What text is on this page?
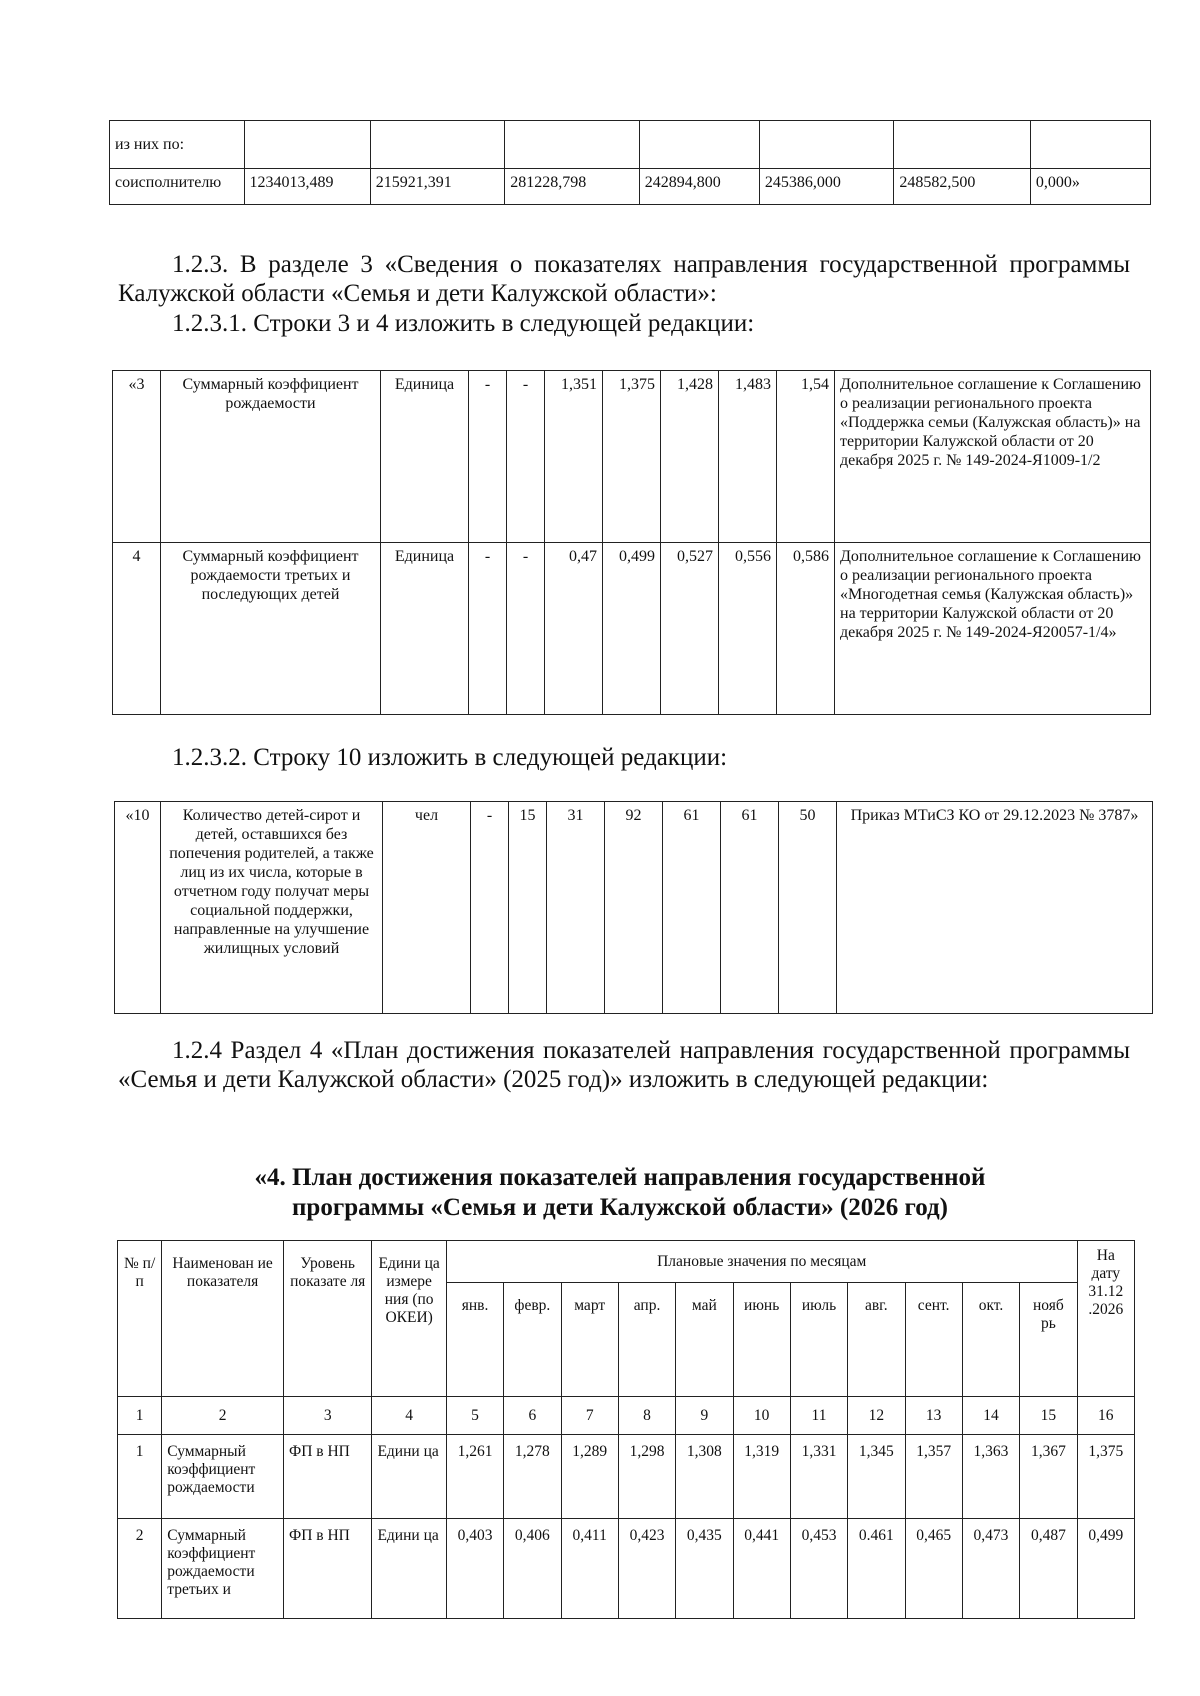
из них по:							
соисполнителю	1234013,489	215921,391	281228,798	242894,800	245386,000	248582,500	0,000»
1.2.3. В разделе 3 «Сведения о показателях направления государственной программы Калужской области «Семья и дети Калужской области»:
1.2.3.1. Строки 3 и 4 изложить в следующей редакции:
«3	Суммарный коэффициент рождаемости	Единица	-	-	1,351	1,375	1,428	1,483	1,54	Дополнительное соглашение к Соглашению о реализации регионального проекта «Поддержка семьи (Калужская область)» на территории Калужской области от 20 декабря 2025 г. № 149-2024-Я1009-1/2
4	Суммарный коэффициент рождаемости третьих и последующих детей	Единица	-	-	0,47	0,499	0,527	0,556	0,586	Дополнительное соглашение к Соглашению о реализации регионального проекта «Многодетная семья (Калужская область)» на территории Калужской области от 20 декабря 2025 г. № 149-2024-Я20057-1/4»
1.2.3.2. Строку 10 изложить в следующей редакции:
«10	Количество детей-сирот и детей, оставшихся без попечения родителей, а также лиц из их числа, которые в отчетном году получат меры социальной поддержки, направленные на улучшение жилищных условий	чел	-	15	31	92	61	61	50	Приказ МТиСЗ КО от 29.12.2023 № 3787»
1.2.4 Раздел 4 «План достижения показателей направления государственной программы «Семья и дети Калужской области» (2025 год)» изложить в следующей редакции:
«4. План достижения показателей направления государственной
программы «Семья и дети Калужской области» (2026 год)
№ п/п	Наименован ие показателя	Уровень показате ля	Едини ца измере ния (по ОКЕИ)	Плановые значения по месяцам											На дату 31.12 .2026
				янв.	февр.	март	апр.	май	июнь	июль	авг.	сент.	окт.	нояб рь	
1	2	3	4	5	6	7	8	9	10	11	12	13	14	15	16
1	Суммарный коэффициент рождаемости	ФП в НП	Едини ца	1,261	1,278	1,289	1,298	1,308	1,319	1,331	1,345	1,357	1,363	1,367	1,375
2	Суммарный коэффициент рождаемости третьих и	ФП в НП	Едини ца	0,403	0,406	0,411	0,423	0,435	0,441	0,453	0.461	0,465	0,473	0,487	0,499
